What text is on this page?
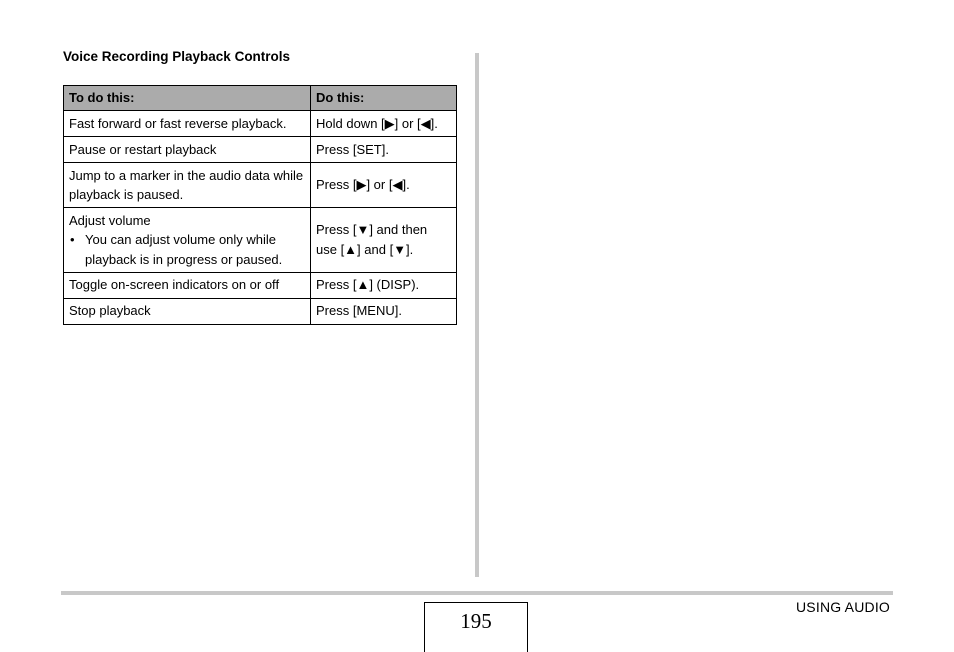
Voice Recording Playback Controls
To do this:	Do this:
Fast forward or fast reverse playback.	Hold down [▶] or [◀].
Pause or restart playback	Press [SET].
Jump to a marker in the audio data while playback is paused.	Press [▶] or [◀].

Adjust volume
• You can adjust volume only while playback is in progress or paused.	Press [▼] and then use [▲] and [▼].
Toggle on-screen indicators on or off	Press [▲] (DISP).
Stop playback	Press [MENU].
195
USING AUDIO
